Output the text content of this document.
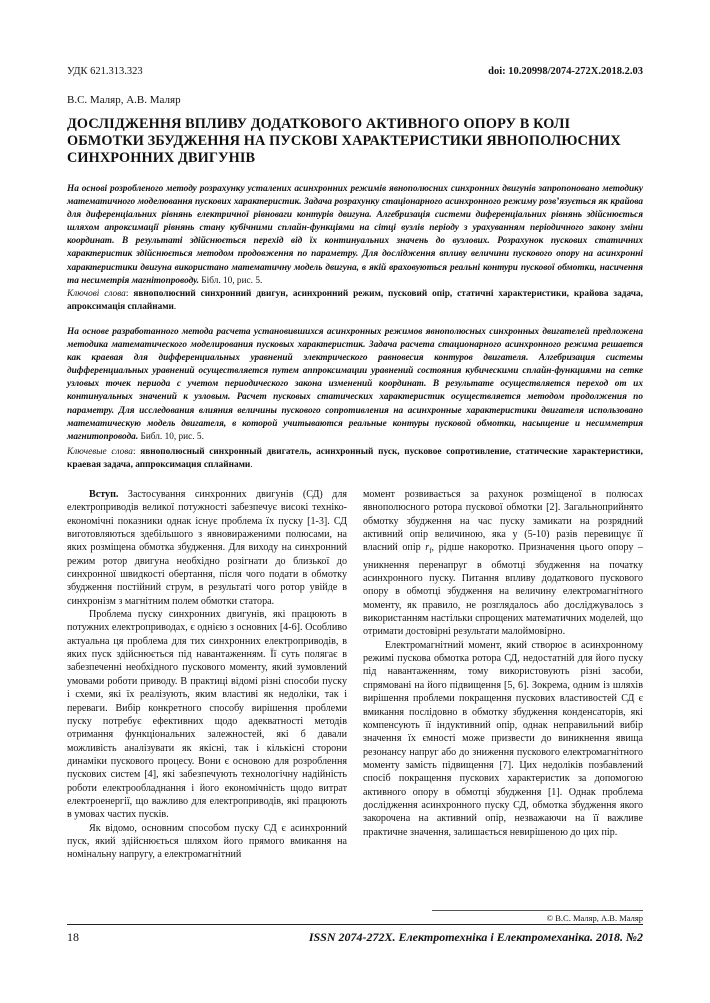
УДК 621.313.323	doi: 10.20998/2074-272X.2018.2.03
В.С. Маляр, А.В. Маляр
ДОСЛІДЖЕННЯ ВПЛИВУ ДОДАТКОВОГО АКТИВНОГО ОПОРУ В КОЛІ ОБМОТКИ ЗБУДЖЕННЯ НА ПУСКОВІ ХАРАКТЕРИСТИКИ ЯВНОПОЛЮСНИХ СИНХРОННИХ ДВИГУНІВ

На основі розробленого методу розрахунку усталених асинхронних режимів явнополюсних синхронних двигунів запропоновано методику математичного моделювання пускових характеристик. Задача розрахунку стаціонарного асинхронного режиму розв’язується як крайова для диференціальних рівнянь електричної рівноваги контурів двигуна. Алгебризація системи диференціальних рівнянь здійснюється шляхом апроксимації рівнянь стану кубічними сплайн-функціями на сітці вузлів періоду з урахуванням періодичного закону зміни координат. В результаті здійснюється перехід від їх континуальних значень до вузлових. Розрахунок пускових статичних характеристик здійснюється методом продовження по параметру. Для дослідження впливу величини пускового опору на асинхронні характеристики двигуна використано математичну модель двигуна, в якій враховуються реальні контури пускової обмотки, насичення та несиметрія магнітопроводу. Бібл. 10, рис. 5.

Ключові слова: явнополюсний синхронний двигун, асинхронний режим, пусковий опір, статичні характеристики, крайова задача, апроксимація сплайнами.

На основе разработанного метода расчета установившихся асинхронных режимов явнополюсных синхронных двигателей предложена методика математического моделирования пусковых характеристик. Задача расчета стационарного асинхронного режима решается как краевая для дифференциальных уравнений электрического равновесия контуров двигателя. Алгебризация системы дифференциальных уравнений осуществляется путем аппроксимации уравнений состояния кубическими сплайн-функциями на сетке узловых точек периода с учетом периодического закона изменений координат. В результате осуществляется переход от их континуальных значений к узловым. Расчет пусковых статических характеристик осуществляется методом продолжения по параметру. Для исследования влияния величины пускового сопротивления на асинхронные характеристики двигателя использовано математическую модель двигателя, в которой учитываются реальные контуры пусковой обмотки, насыщение и несимметрия магнитопровода. Библ. 10, рис. 5.

Ключевые слова: явнополюсный синхронный двигатель, асинхронный пуск, пусковое сопротивление, статические характеристики, краевая задача, аппроксимация сплайнами.

Вступ. Застосування синхронних двигунів (СД) для електроприводів великої потужності забезпечує високі техніко-економічні показники однак існує проблема їх пуску [1-3]. СД виготовляються здебільшого з явновираженими полюсами, на яких розміщена обмотка збудження. Для виходу на синхронний режим ротор двигуна необхідно розігнати до близької до синхронної швидкості обертання, після чого подати в обмотку збудження постійний струм, в результаті чого ротор увійде в синхронізм з магнітним полем обмотки статора.

Проблема пуску синхронних двигунів, які працюють в потужних електроприводах, є однією з основних [4-6]. Особливо актуальна ця проблема для тих синхронних електроприводів, в яких пуск здійснюється під навантаженням. Її суть полягає в забезпеченні необхідного пускового моменту, який зумовлений умовами роботи приводу. В практиці відомі різні способи пуску і схеми, які їх реалізують, яким властиві як недоліки, так і переваги. Вибір конкретного способу вирішення проблеми пуску потребує ефективних щодо адекватності методів отримання функціональних залежностей, які б давали можливість аналізувати як якісні, так і кількісні сторони динаміки пускового процесу. Вони є основою для розроблення пускових систем [4], які забезпечують технологічну надійність роботи електрообладнання і його економічність щодо витрат електроенергії, що важливо для електроприводів, які працюють в умовах частих пусків.

Як відомо, основним способом пуску СД є асинхронний пуск, який здійснюється шляхом його прямого вмикання на номінальну напругу, а електромагнітний

момент розвивається за рахунок розміщеної в полюсах явнополюсного ротора пускової обмотки [2]. Загальноприйнято обмотку збудження на час пуску замикати на розрядний активний опір величиною, яка у (5-10) разів перевищує її власний опір $r_f$, рідше накоротко. Призначення цього опору – уникнення перенапруг в обмотці збудження на початку асинхронного пуску. Питання впливу додаткового пускового опору в обмотці збудження на величину електромагнітного моменту, як правило, не розглядалось або досліджувалось з використанням настільки спрощених математичних моделей, що отримати достовірні результати малоймовірно.

Електромагнітний момент, який створює в асинхронному режимі пускова обмотка ротора СД, недостатній для його пуску під навантаженням, тому використовують різні засоби, спрямовані на його підвищення [5, 6]. Зокрема, одним із шляхів вирішення проблеми покращення пускових властивостей СД є вмикання послідовно в обмотку збудження конденсаторів, які компенсують її індуктивний опір, однак неправильний вибір значення їх ємності може призвести до виникнення явища резонансу напруг або до зниження пускового електромагнітного моменту замість підвищення [7]. Цих недоліків позбавлений спосіб покращення пускових характеристик за допомогою активного опору в обмотці збудження [1]. Однак проблема дослідження асинхронного пуску СД, обмотка збудження якого закорочена на активний опір, незважаючи на її важливе практичне значення, залишається невирішеною до цих пір.

© В.С. Маляр, А.В. Маляр
18	ISSN 2074-272X. Електротехніка і Електромеханіка. 2018. №2
